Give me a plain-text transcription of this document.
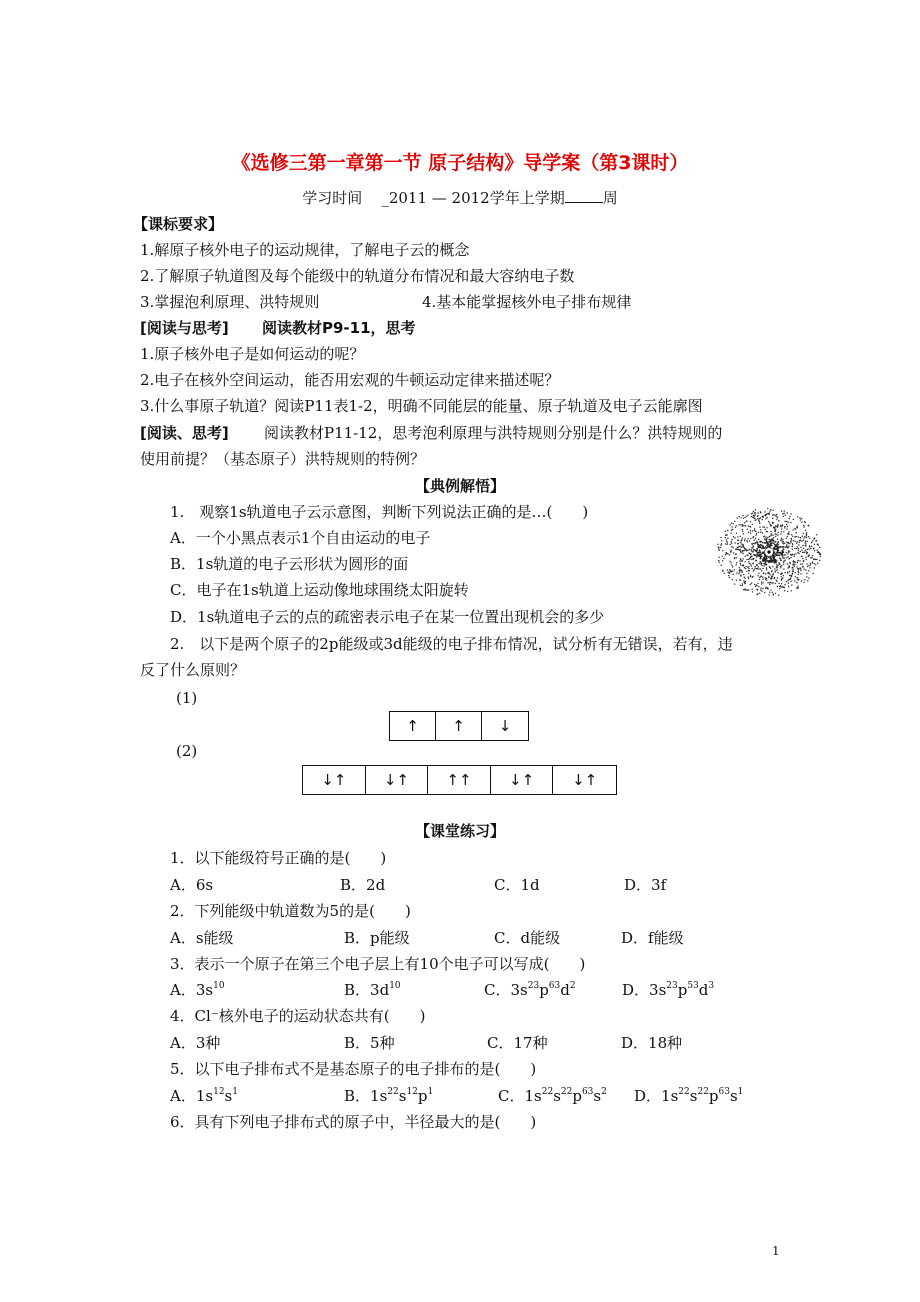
《选修三第一章第一节 原子结构》导学案（第3课时）
学习时间 _2011 — 2012学年上学期	周
【课标要求】
1.解原子核外电子的运动规律，了解电子云的概念
2.了解原子轨道图及每个能级中的轨道分布情况和最大容纳电子数
3.掌握泡利原理、洪特规则	4.基本能掌握核外电子排布规律
[阅读与思考] 阅读教材P9-11，思考
1.原子核外电子是如何运动的呢？
2.电子在核外空间运动，能否用宏观的牛顿运动定律来描述呢？
3.什么事原子轨道？阅读P11表1-2，明确不同能层的能量、原子轨道及电子云能廓图
[阅读、思考] 阅读教材P11-12，思考泡利原理与洪特规则分别是什么？洪特规则的
使用前提？（基态原子）洪特规则的特例？
【典例解悟】
1.　观察1s轨道电子云示意图，判断下列说法正确的是…(　　)
A．一个小黑点表示1个自由运动的电子
B．1s轨道的电子云形状为圆形的面
C．电子在1s轨道上运动像地球围绕太阳旋转
D．1s轨道电子云的点的疏密表示电子在某一位置出现机会的多少
2.　以下是两个原子的2p能级或3d能级的电子排布情况，试分析有无错误，若有，违
反了什么原则？
(1)
↑	↑	↓
(2)
↓↑	↓↑	↑↑	↓↑	↓↑
【课堂练习】
1．以下能级符号正确的是(　　)
A．6s	B．2d	C．1d	D．3f
2．下列能级中轨道数为5的是(　　)
A．s能级	B．p能级	C．d能级	D．f能级
3．表示一个原子在第三个电子层上有10个电子可以写成(　　)
A．$3s^{10}$	B．$3d^{10}$	C．$3s^{23}p^{63}d^2$	D．$3s^{23}p^{53}d^3$
4．Cl⁻核外电子的运动状态共有(　　)
A．3种	B．5种	C．17种	D．18种
5．以下电子排布式不是基态原子的电子排布的是(　　)
A．$1s^{12}s^1$	B．$1s^{22}s^{12}p^1$	C．$1s^{22}s^{22}p^{63}s^2$ D．$1s^{22}s^{22}p^{63}s^1$
6．具有下列电子排布式的原子中，半径最大的是(　　)
1
